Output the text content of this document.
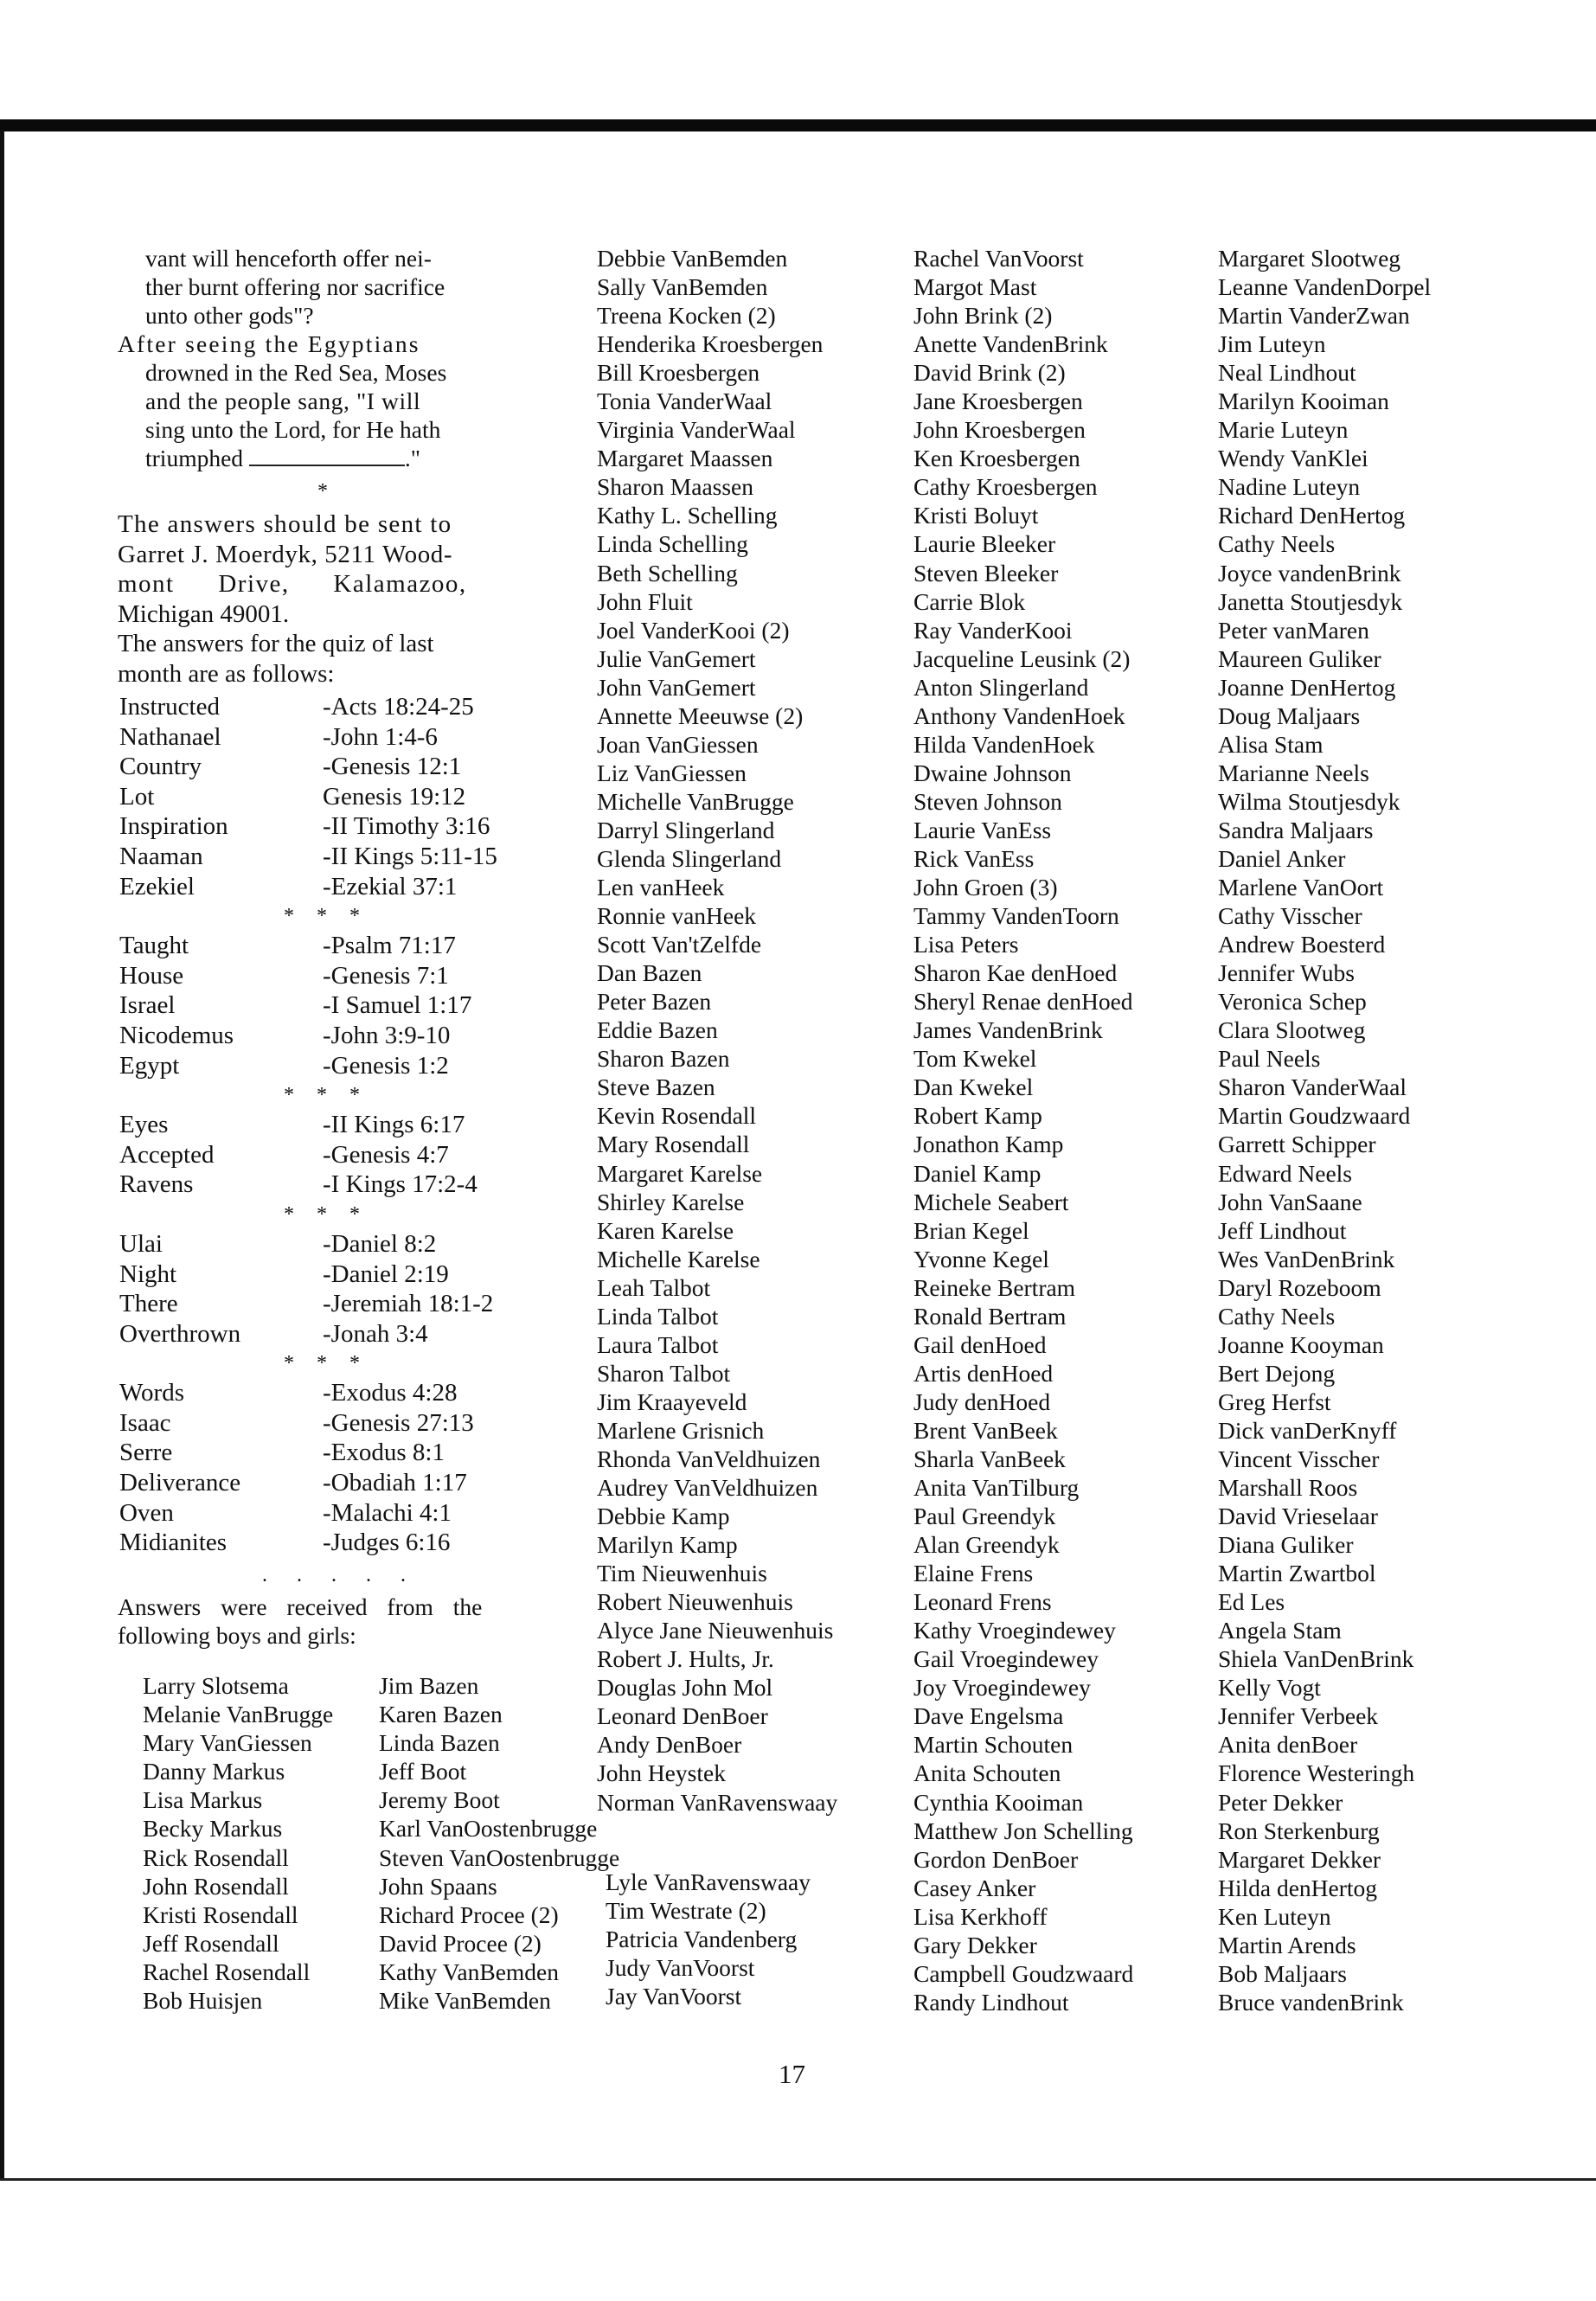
vant will henceforth offer nei-
ther burnt offering nor sacrifice
unto other gods"?
After seeing the Egyptians
drowned in the Red Sea, Moses
and the people sang, "I will
sing unto the Lord, for He hath
triumphed	."
*
The answers should be sent to
Garret J. Moerdyk, 5211 Wood-
mont Drive, Kalamazoo,
Michigan 49001.
The answers for the quiz of last
month are as follows:
Instructed	-Acts 18:24-25
Nathanael	-John 1:4-6
Country	-Genesis 12:1
Lot	Genesis 19:12
Inspiration	-II Timothy 3:16
Naaman	-II Kings 5:11-15
Ezekiel	-Ezekial 37:1
* * *
Taught	-Psalm 71:17
House	-Genesis 7:1
Israel	-I Samuel 1:17
Nicodemus	-John 3:9-10
Egypt	-Genesis 1:2
* * *
Eyes	-II Kings 6:17
Accepted	-Genesis 4:7
Ravens	-I Kings 17:2-4
* * *
Ulai	-Daniel 8:2
Night	-Daniel 2:19
There	-Jeremiah 18:1-2
Overthrown	-Jonah 3:4
* * *
Words	-Exodus 4:28
Isaac	-Genesis 27:13
Serre	-Exodus 8:1
Deliverance	-Obadiah 1:17
Oven	-Malachi 4:1
Midianites	-Judges 6:16
. . . . .
Answers were received from the
following boys and girls:
Larry Slotsema
Melanie VanBrugge
Mary VanGiessen
Danny Markus
Lisa Markus
Becky Markus
Rick Rosendall
John Rosendall
Kristi Rosendall
Jeff Rosendall
Rachel Rosendall
Bob Huisjen
Jim Bazen
Karen Bazen
Linda Bazen
Jeff Boot
Jeremy Boot
Karl VanOostenbrugge
Steven VanOostenbrugge
John Spaans
Richard Procee (2)
David Procee (2)
Kathy VanBemden
Mike VanBemden
Lyle VanRavenswaay
Tim Westrate (2)
Patricia Vandenberg
Judy VanVoorst
Jay VanVoorst
Debbie VanBemden
Sally VanBemden
Treena Kocken (2)
Henderika Kroesbergen
Bill Kroesbergen
Tonia VanderWaal
Virginia VanderWaal
Margaret Maassen
Sharon Maassen
Kathy L. Schelling
Linda Schelling
Beth Schelling
John Fluit
Joel VanderKooi (2)
Julie VanGemert
John VanGemert
Annette Meeuwse (2)
Joan VanGiessen
Liz VanGiessen
Michelle VanBrugge
Darryl Slingerland
Glenda Slingerland
Len vanHeek
Ronnie vanHeek
Scott Van'tZelfde
Dan Bazen
Peter Bazen
Eddie Bazen
Sharon Bazen
Steve Bazen
Kevin Rosendall
Mary Rosendall
Margaret Karelse
Shirley Karelse
Karen Karelse
Michelle Karelse
Leah Talbot
Linda Talbot
Laura Talbot
Sharon Talbot
Jim Kraayeveld
Marlene Grisnich
Rhonda VanVeldhuizen
Audrey VanVeldhuizen
Debbie Kamp
Marilyn Kamp
Tim Nieuwenhuis
Robert Nieuwenhuis
Alyce Jane Nieuwenhuis
Robert J. Hults, Jr.
Douglas John Mol
Leonard DenBoer
Andy DenBoer
John Heystek
Norman VanRavenswaay
Rachel VanVoorst
Margot Mast
John Brink (2)
Anette VandenBrink
David Brink (2)
Jane Kroesbergen
John Kroesbergen
Ken Kroesbergen
Cathy Kroesbergen
Kristi Boluyt
Laurie Bleeker
Steven Bleeker
Carrie Blok
Ray VanderKooi
Jacqueline Leusink (2)
Anton Slingerland
Anthony VandenHoek
Hilda VandenHoek
Dwaine Johnson
Steven Johnson
Laurie VanEss
Rick VanEss
John Groen (3)
Tammy VandenToorn
Lisa Peters
Sharon Kae denHoed
Sheryl Renae denHoed
James VandenBrink
Tom Kwekel
Dan Kwekel
Robert Kamp
Jonathon Kamp
Daniel Kamp
Michele Seabert
Brian Kegel
Yvonne Kegel
Reineke Bertram
Ronald Bertram
Gail denHoed
Artis denHoed
Judy denHoed
Brent VanBeek
Sharla VanBeek
Anita VanTilburg
Paul Greendyk
Alan Greendyk
Elaine Frens
Leonard Frens
Kathy Vroegindewey
Gail Vroegindewey
Joy Vroegindewey
Dave Engelsma
Martin Schouten
Anita Schouten
Cynthia Kooiman
Matthew Jon Schelling
Gordon DenBoer
Casey Anker
Lisa Kerkhoff
Gary Dekker
Campbell Goudzwaard
Randy Lindhout
Margaret Slootweg
Leanne VandenDorpel
Martin VanderZwan
Jim Luteyn
Neal Lindhout
Marilyn Kooiman
Marie Luteyn
Wendy VanKlei
Nadine Luteyn
Richard DenHertog
Cathy Neels
Joyce vandenBrink
Janetta Stoutjesdyk
Peter vanMaren
Maureen Guliker
Joanne DenHertog
Doug Maljaars
Alisa Stam
Marianne Neels
Wilma Stoutjesdyk
Sandra Maljaars
Daniel Anker
Marlene VanOort
Cathy Visscher
Andrew Boesterd
Jennifer Wubs
Veronica Schep
Clara Slootweg
Paul Neels
Sharon VanderWaal
Martin Goudzwaard
Garrett Schipper
Edward Neels
John VanSaane
Jeff Lindhout
Wes VanDenBrink
Daryl Rozeboom
Cathy Neels
Joanne Kooyman
Bert Dejong
Greg Herfst
Dick vanDerKnyff
Vincent Visscher
Marshall Roos
David Vrieselaar
Diana Guliker
Martin Zwartbol
Ed Les
Angela Stam
Shiela VanDenBrink
Kelly Vogt
Jennifer Verbeek
Anita denBoer
Florence Westeringh
Peter Dekker
Ron Sterkenburg
Margaret Dekker
Hilda denHertog
Ken Luteyn
Martin Arends
Bob Maljaars
Bruce vandenBrink
17
